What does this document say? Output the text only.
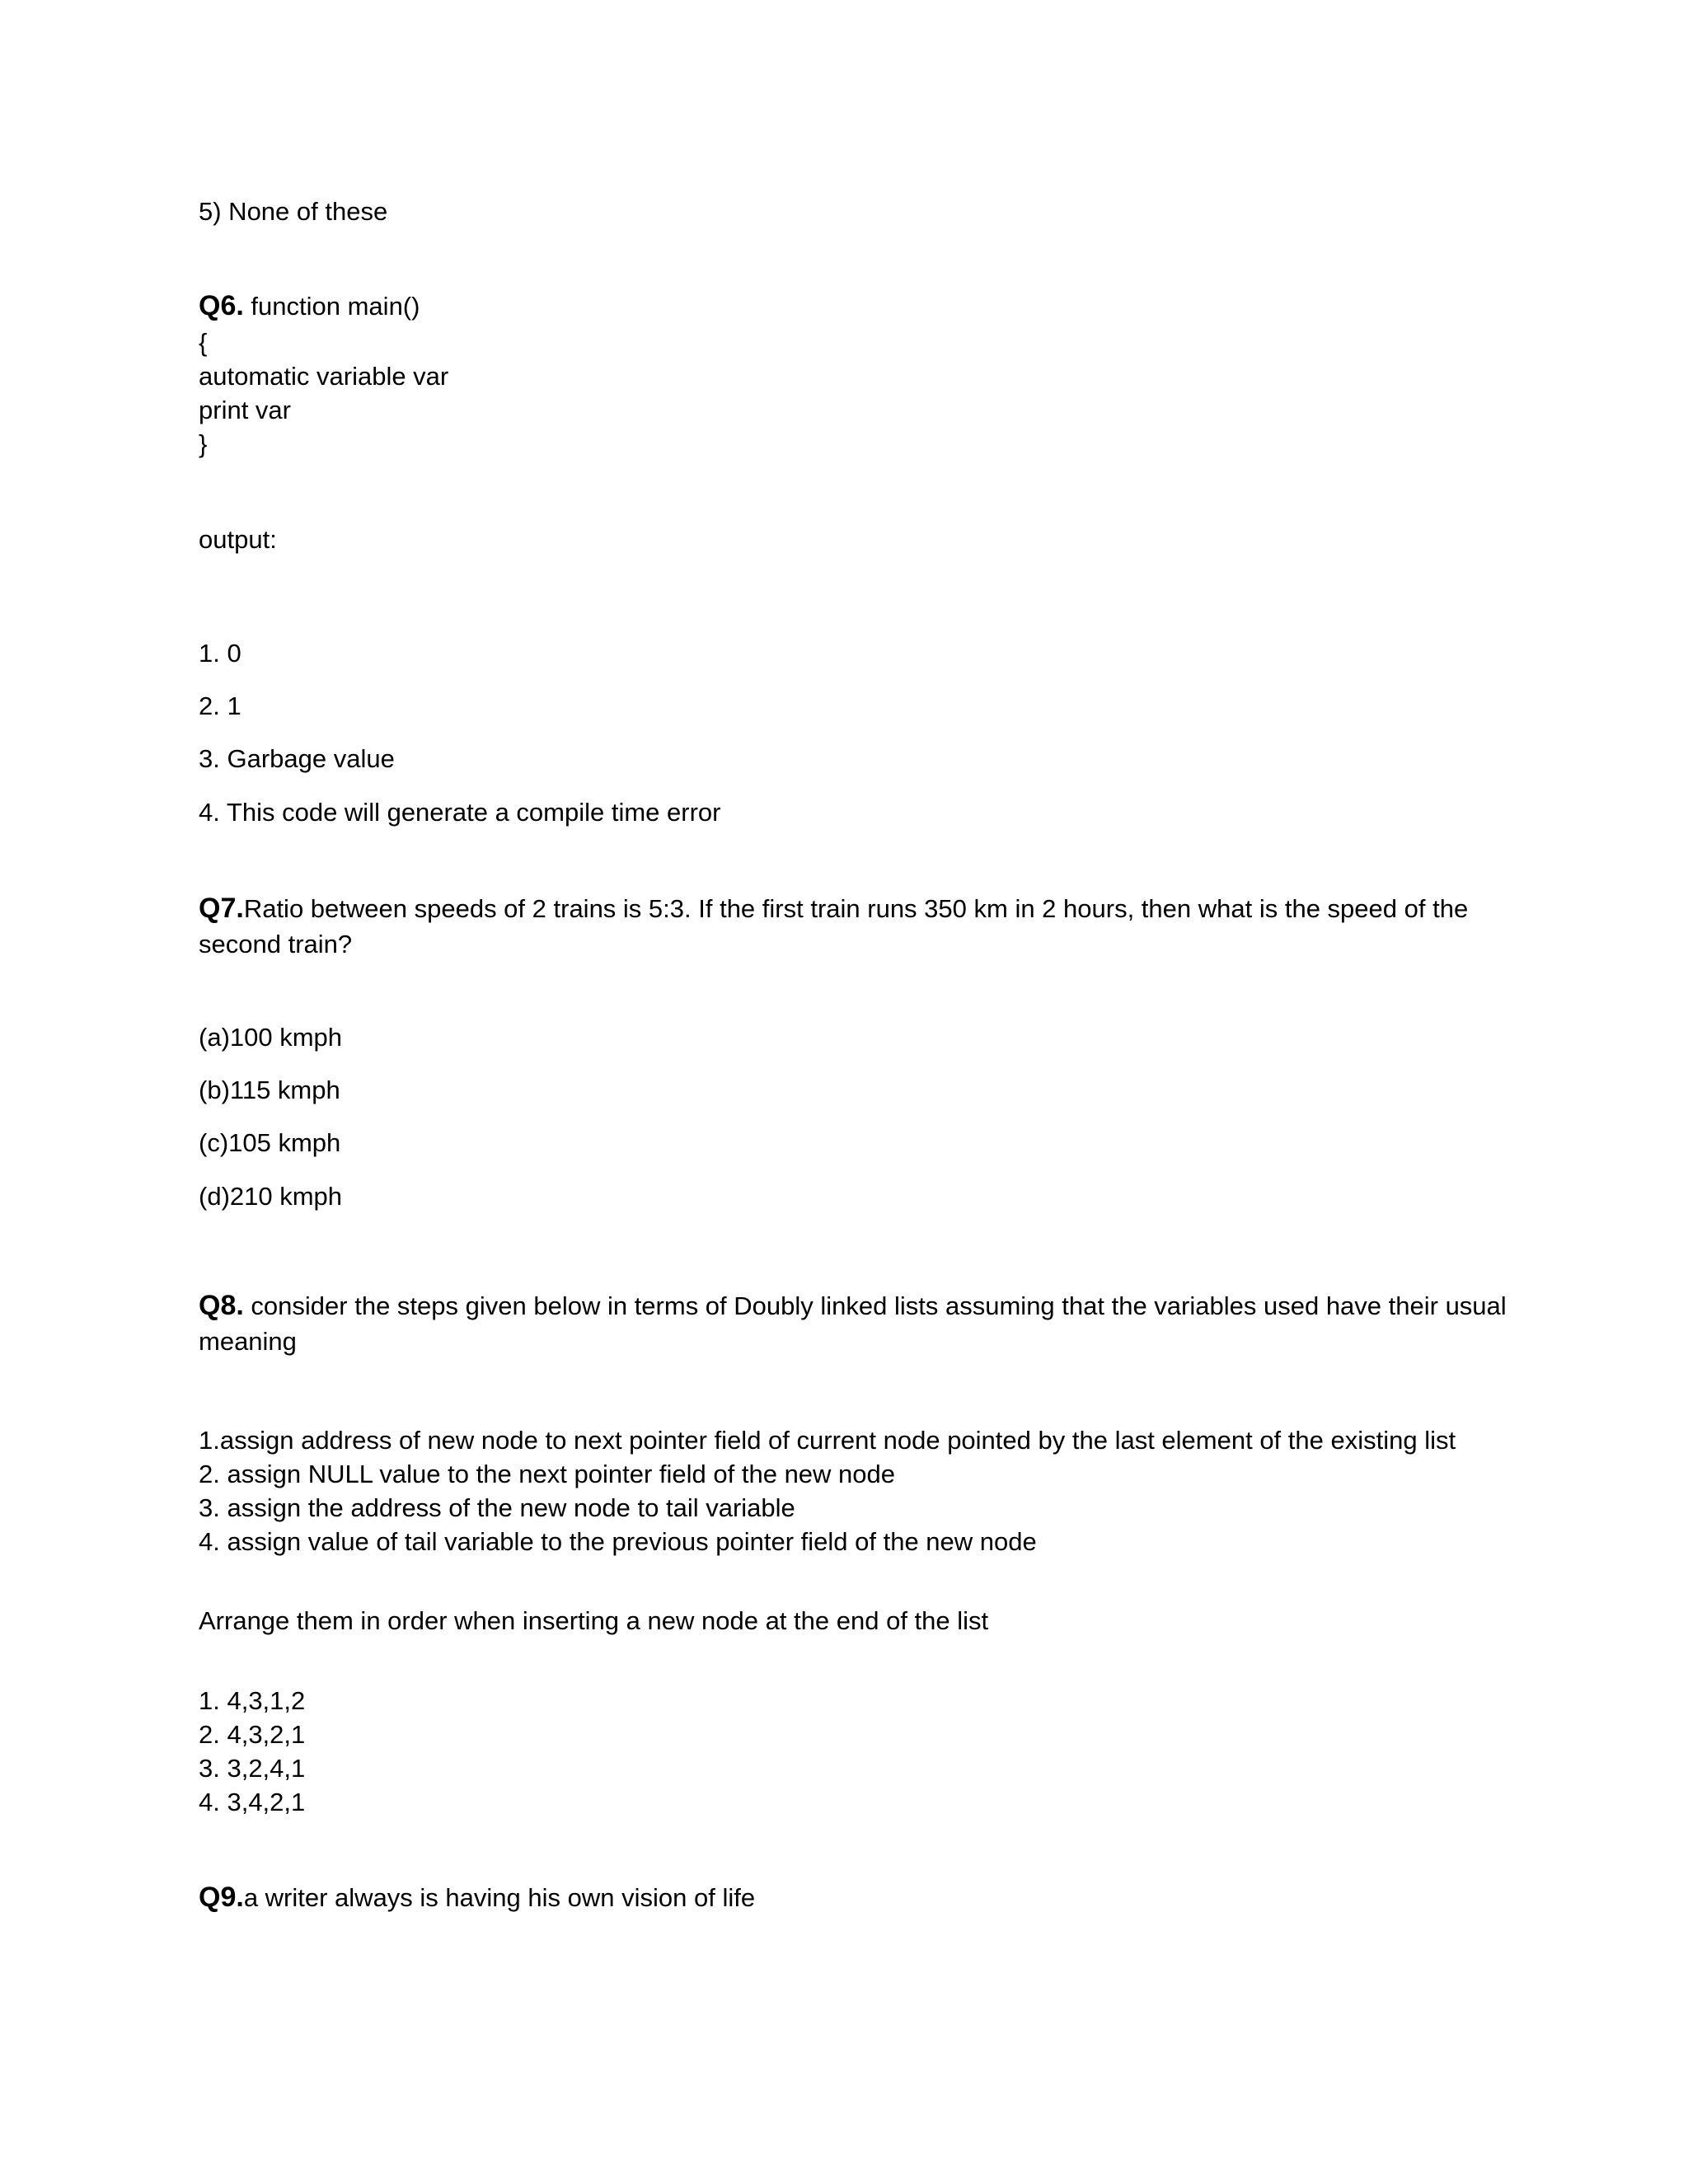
5) None of these
Q6. function main()
{
automatic variable var
print var
}
output:
1. 0
2. 1
3. Garbage value
4. This code will generate a compile time error
Q7.Ratio between speeds of 2 trains is 5:3. If the first train runs 350 km in 2 hours, then what is the speed of the
second train?
(a)100 kmph
(b)115 kmph
(c)105 kmph
(d)210 kmph
Q8. consider the steps given below in terms of Doubly linked lists assuming that the variables used have their usual
meaning
1.assign address of new node to next pointer field of current node pointed by the last element of the existing list
2. assign NULL value to the next pointer field of the new node
3. assign the address of the new node to tail variable
4. assign value of tail variable to the previous pointer field of the new node
Arrange them in order when inserting a new node at the end of the list
1. 4,3,1,2
2. 4,3,2,1
3. 3,2,4,1
4. 3,4,2,1
Q9.a writer always is having his own vision of life
